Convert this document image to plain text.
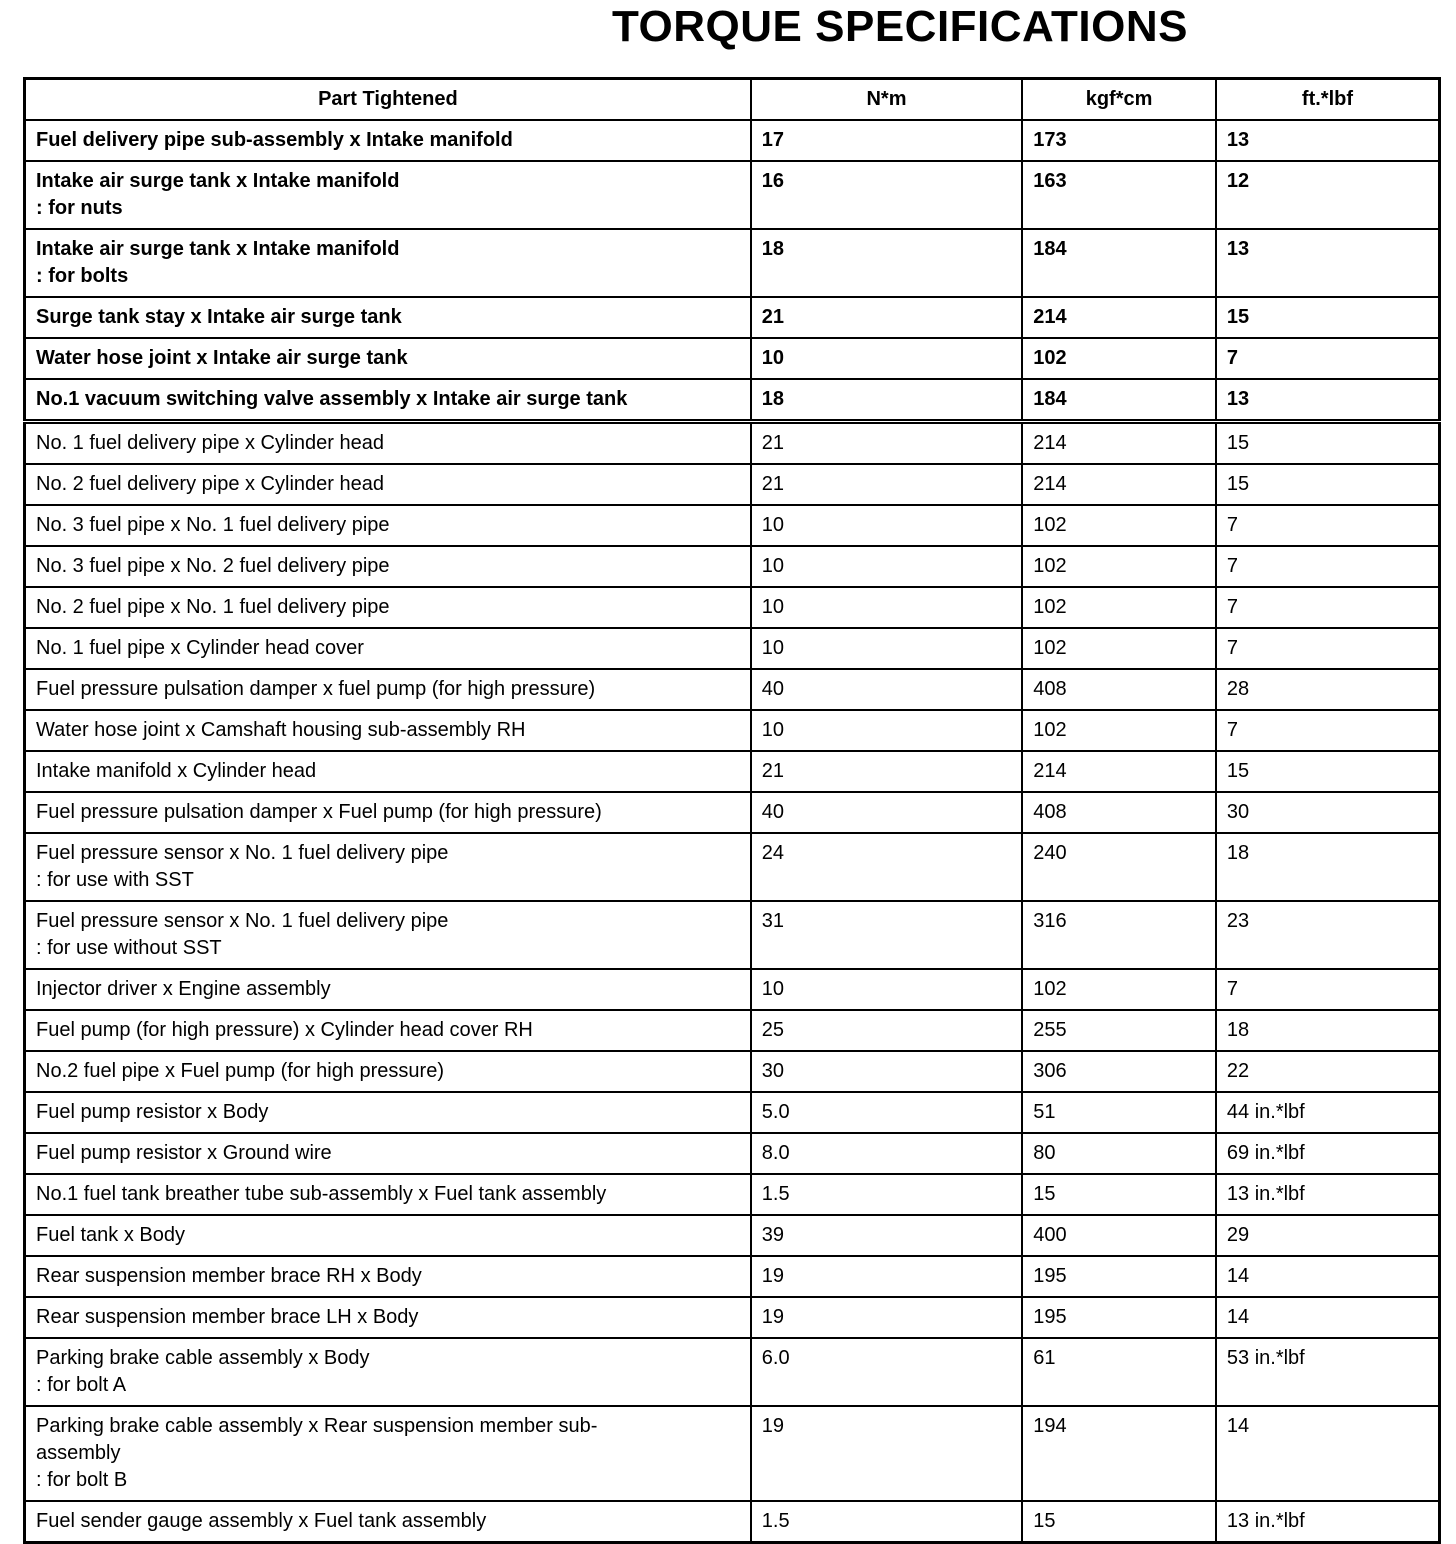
TORQUE SPECIFICATIONS
Part Tightened	N*m	kgf*cm	ft.*lbf
Fuel delivery pipe sub-assembly x Intake manifold	17	173	13
Intake air surge tank x Intake manifold
: for nuts	16	163	12
Intake air surge tank x Intake manifold
: for bolts	18	184	13
Surge tank stay x Intake air surge tank	21	214	15
Water hose joint x Intake air surge tank	10	102	7
No.1 vacuum switching valve assembly x Intake air surge tank	18	184	13
No. 1 fuel delivery pipe x Cylinder head	21	214	15
No. 2 fuel delivery pipe x Cylinder head	21	214	15
No. 3 fuel pipe x No. 1 fuel delivery pipe	10	102	7
No. 3 fuel pipe x No. 2 fuel delivery pipe	10	102	7
No. 2 fuel pipe x No. 1 fuel delivery pipe	10	102	7
No. 1 fuel pipe x Cylinder head cover	10	102	7
Fuel pressure pulsation damper x fuel pump (for high pressure)	40	408	28
Water hose joint x Camshaft housing sub-assembly RH	10	102	7
Intake manifold x Cylinder head	21	214	15
Fuel pressure pulsation damper x Fuel pump (for high pressure)	40	408	30
Fuel pressure sensor x No. 1 fuel delivery pipe
: for use with SST	24	240	18
Fuel pressure sensor x No. 1 fuel delivery pipe
: for use without SST	31	316	23
Injector driver x Engine assembly	10	102	7
Fuel pump (for high pressure) x Cylinder head cover RH	25	255	18
No.2 fuel pipe x Fuel pump (for high pressure)	30	306	22
Fuel pump resistor x Body	5.0	51	44 in.*lbf
Fuel pump resistor x Ground wire	8.0	80	69 in.*lbf
No.1 fuel tank breather tube sub-assembly x Fuel tank assembly	1.5	15	13 in.*lbf
Fuel tank x Body	39	400	29
Rear suspension member brace RH x Body	19	195	14
Rear suspension member brace LH x Body	19	195	14
Parking brake cable assembly x Body
: for bolt A	6.0	61	53 in.*lbf
Parking brake cable assembly x Rear suspension member sub-
assembly
: for bolt B	19	194	14
Fuel sender gauge assembly x Fuel tank assembly	1.5	15	13 in.*lbf
